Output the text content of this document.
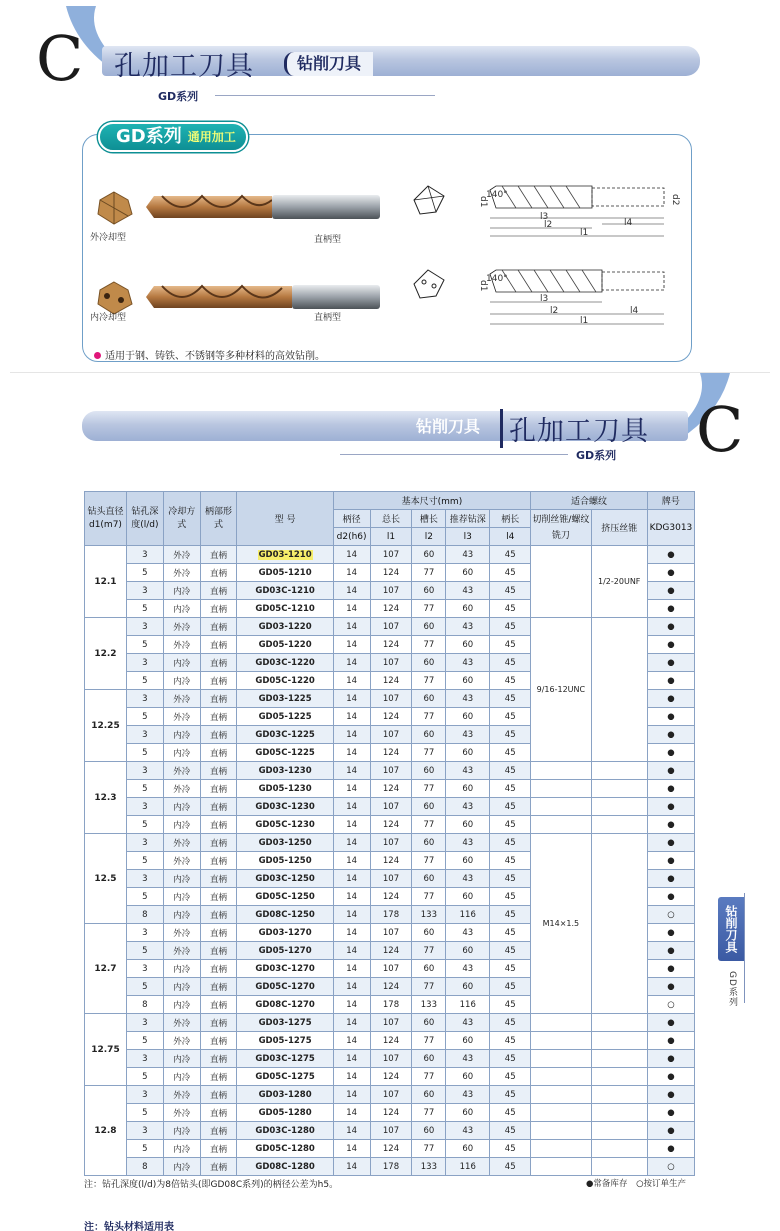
C 孔加工刀具	钻削刀具
GD系列
GD系列 通用加工
外冷却型	直柄型
内冷却型	直柄型
140°
l3
l2	l4
l1
d1	d2
140°
l3
l2	l4
l1
d1
适用于钢、铸铁、不锈钢等多种材料的高效钻削。
钻削刀具	孔加工刀具 C
GD系列
钻头直径d1(m7)	钻孔深度(l/d)	冷却方式	柄部形式	型 号	基本尺寸(mm)					适合螺纹		牌号
					柄径	总长	槽长	推荐钻深	柄长	切削丝锥/螺纹铣刀	挤压丝锥	KDG3013
					d2(h6)	l1	l2	l3	l4			
12.1	3	外冷	直柄	GD03-1210	14	107	60	43	45		1/2-20UNF	●
	5	外冷	直柄	GD05-1210	14	124	77	60	45			●
	3	内冷	直柄	GD03C-1210	14	107	60	43	45			●
	5	内冷	直柄	GD05C-1210	14	124	77	60	45			●
12.2	3	外冷	直柄	GD03-1220	14	107	60	43	45	9/16-12UNC		●
	5	外冷	直柄	GD05-1220	14	124	77	60	45			●
	3	内冷	直柄	GD03C-1220	14	107	60	43	45			●
	5	内冷	直柄	GD05C-1220	14	124	77	60	45			●
12.25	3	外冷	直柄	GD03-1225	14	107	60	43	45			●
	5	外冷	直柄	GD05-1225	14	124	77	60	45			●
	3	内冷	直柄	GD03C-1225	14	107	60	43	45			●
	5	内冷	直柄	GD05C-1225	14	124	77	60	45			●
12.3	3	外冷	直柄	GD03-1230	14	107	60	43	45			●
	5	外冷	直柄	GD05-1230	14	124	77	60	45			●
	3	内冷	直柄	GD03C-1230	14	107	60	43	45			●
	5	内冷	直柄	GD05C-1230	14	124	77	60	45			●
12.5	3	外冷	直柄	GD03-1250	14	107	60	43	45	M14×1.5		●
	5	外冷	直柄	GD05-1250	14	124	77	60	45			●
	3	内冷	直柄	GD03C-1250	14	107	60	43	45			●
	5	内冷	直柄	GD05C-1250	14	124	77	60	45			●
	8	内冷	直柄	GD08C-1250	14	178	133	116	45			○
12.7	3	外冷	直柄	GD03-1270	14	107	60	43	45			●
	5	外冷	直柄	GD05-1270	14	124	77	60	45			●
	3	内冷	直柄	GD03C-1270	14	107	60	43	45			●
	5	内冷	直柄	GD05C-1270	14	124	77	60	45			●
	8	内冷	直柄	GD08C-1270	14	178	133	116	45			○
12.75	3	外冷	直柄	GD03-1275	14	107	60	43	45			●
	5	外冷	直柄	GD05-1275	14	124	77	60	45			●
	3	内冷	直柄	GD03C-1275	14	107	60	43	45			●
	5	内冷	直柄	GD05C-1275	14	124	77	60	45			●
12.8	3	外冷	直柄	GD03-1280	14	107	60	43	45			●
	5	外冷	直柄	GD05-1280	14	124	77	60	45			●
	3	内冷	直柄	GD03C-1280	14	107	60	43	45			●
	5	内冷	直柄	GD05C-1280	14	124	77	60	45			●
	8	内冷	直柄	GD08C-1280	14	178	133	116	45			○
注：钻孔深度(l/d)为8倍钻头(即GD08C系列)的柄径公差为h5。	●常备库存 ○按订单生产
注：钻头材料适用表
钻削刀具
GD系列
